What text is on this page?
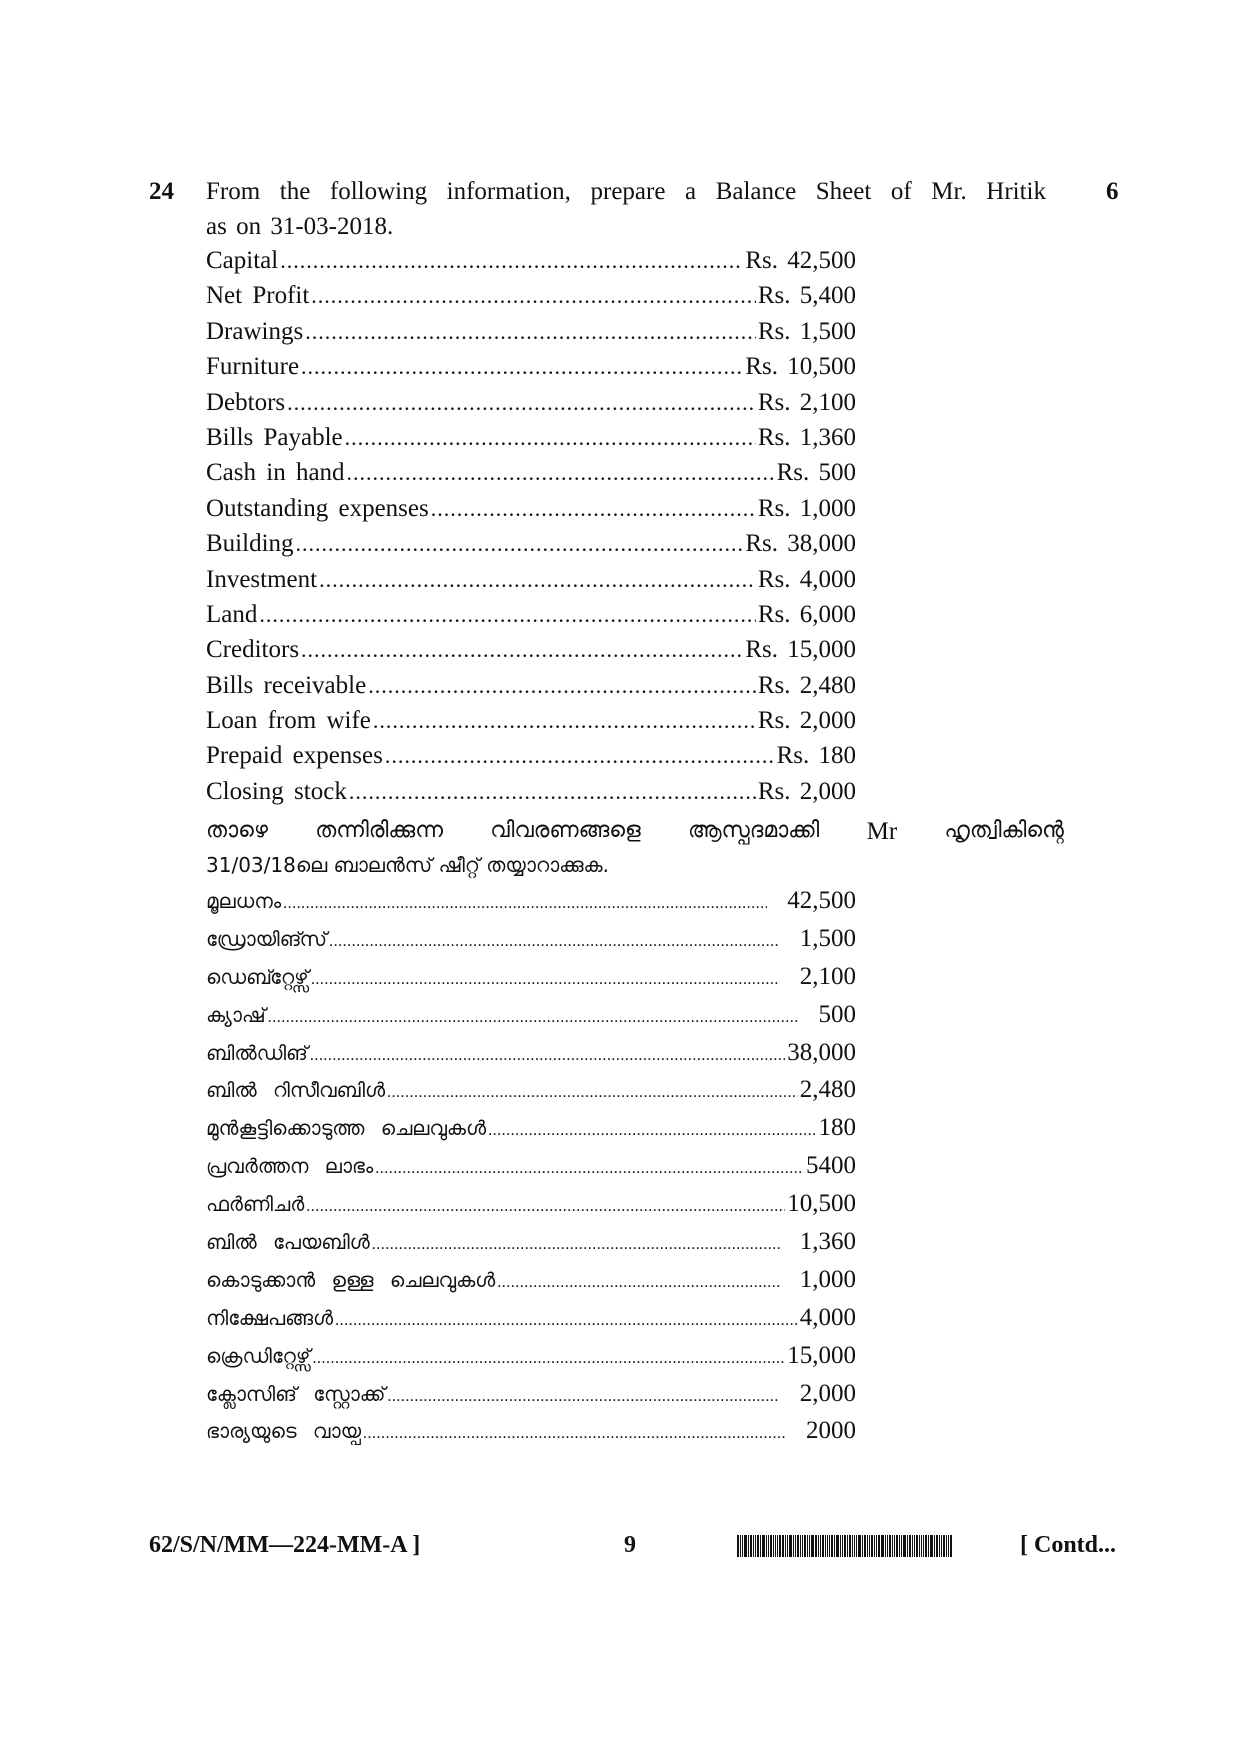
24	6
From the following information, prepare a Balance Sheet of Mr. Hritik
as on 31-03-2018.
Capital .....	Rs. 42,500
Net Profit .....	Rs. 5,400
Drawings .....	Rs. 1,500
Furniture .....	Rs. 10,500
Debtors .....	Rs. 2,100
Bills Payable .....	Rs. 1,360
Cash in hand .....	Rs. 500
Outstanding expenses .....	Rs. 1,000
Building .....	Rs. 38,000
Investment .....	Rs. 4,000
Land .....	Rs. 6,000
Creditors .....	Rs. 15,000
Bills receivable .....	Rs. 2,480
Loan from wife .....	Rs. 2,000
Prepaid expenses .....	Rs. 180
Closing stock .....	Rs. 2,000
താഴെ തന്നിരിക്കുന്ന വിവരണങ്ങളെ ആസ്പദമാക്കി Mr ഹൃത്വികിന്റെ
31/03/18ലെ ബാലൻസ് ഷീറ്റ് തയ്യാറാക്കുക.
മൂലധനം .....	42,500
ഡ്രോയിങ്സ് .....	1,500
ഡെബ്റ്റേഴ്സ് .....	2,100
ക്യാഷ് .....	500
ബിൽഡിങ് .....	38,000
ബിൽ റിസീവബിൾ .....	2,480
മുൻകൂട്ടിക്കൊടുത്ത ചെലവുകൾ .....	180
പ്രവർത്തന ലാഭം .....	5400
ഫർണിചർ .....	10,500
ബിൽ പേയബിൾ .....	1,360
കൊടുക്കാൻ ഉള്ള ചെലവുകൾ .....	1,000
നിക്ഷേപങ്ങൾ .....	4,000
ക്രെഡിറ്റേഴ്സ് .....	15,000
ക്ലോസിങ് സ്റ്റോക്ക് .....	2,000
ഭാര്യയുടെ വായ്പ .....	2000
62/S/N/MM—224-MM-A ]	9	[ Contd...
